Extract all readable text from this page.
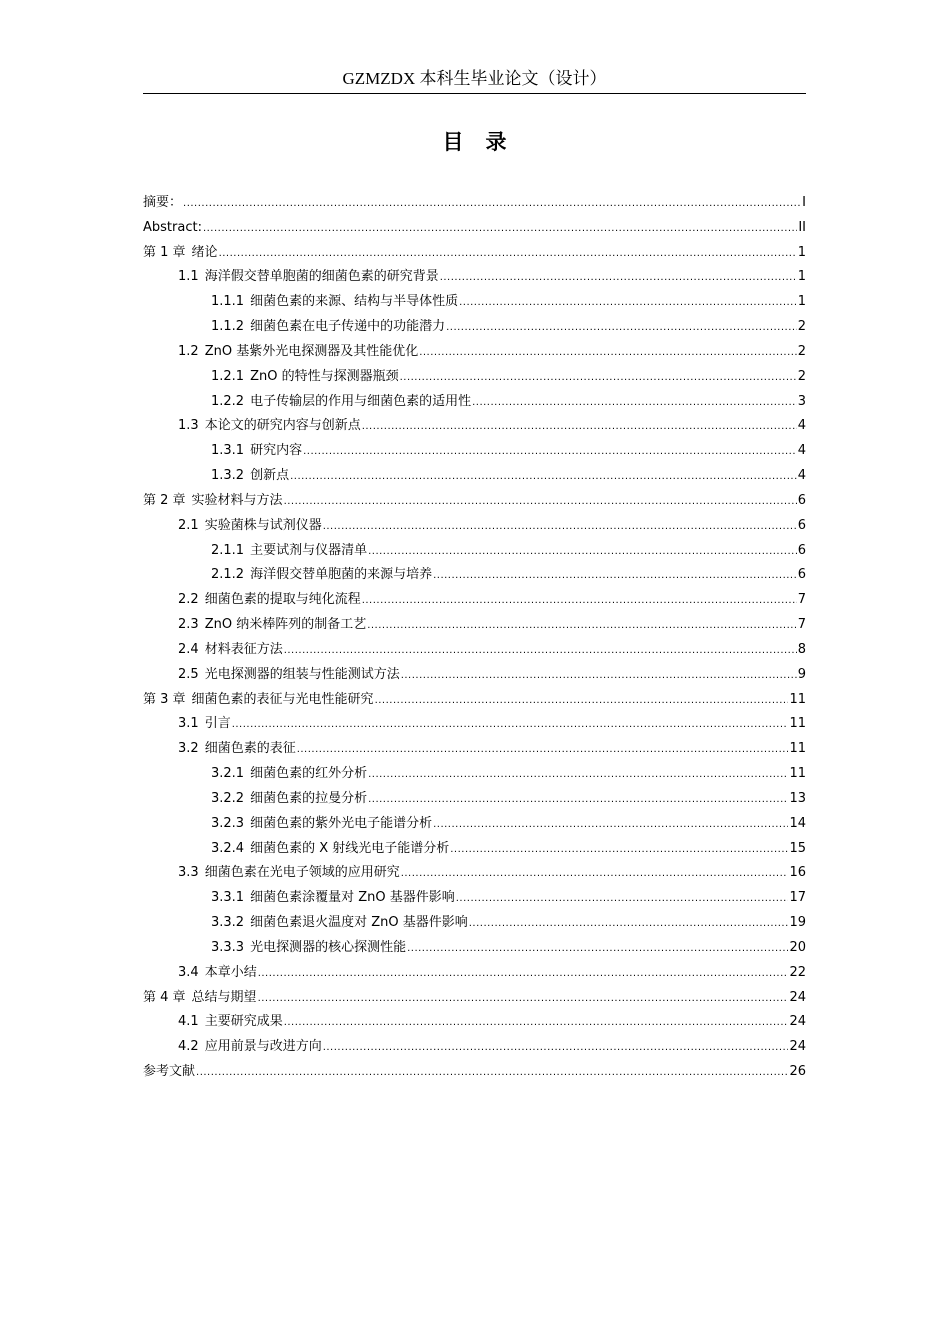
GZMZDX 本科生毕业论文（设计）
目录
摘要： .....	I
Abstract: .....	II
第 1 章 绪论 .....	1
1.1 海洋假交替单胞菌的细菌色素的研究背景 .....	1
1.1.1 细菌色素的来源、结构与半导体性质 .....	1
1.1.2 细菌色素在电子传递中的功能潜力 .....	2
1.2 ZnO 基紫外光电探测器及其性能优化 .....	2
1.2.1 ZnO 的特性与探测器瓶颈 .....	2
1.2.2 电子传输层的作用与细菌色素的适用性 .....	3
1.3 本论文的研究内容与创新点 .....	4
1.3.1 研究内容 .....	4
1.3.2 创新点 .....	4
第 2 章 实验材料与方法 .....	6
2.1 实验菌株与试剂仪器 .....	6
2.1.1 主要试剂与仪器清单 .....	6
2.1.2 海洋假交替单胞菌的来源与培养 .....	6
2.2 细菌色素的提取与纯化流程 .....	7
2.3 ZnO 纳米棒阵列的制备工艺 .....	7
2.4 材料表征方法 .....	8
2.5 光电探测器的组装与性能测试方法 .....	9
第 3 章 细菌色素的表征与光电性能研究 .....	11
3.1 引言 .....	11
3.2 细菌色素的表征 .....	11
3.2.1 细菌色素的红外分析 .....	11
3.2.2 细菌色素的拉曼分析 .....	13
3.2.3 细菌色素的紫外光电子能谱分析 .....	14
3.2.4 细菌色素的 X 射线光电子能谱分析 .....	15
3.3 细菌色素在光电子领域的应用研究 .....	16
3.3.1 细菌色素涂覆量对 ZnO 基器件影响 .....	17
3.3.2 细菌色素退火温度对 ZnO 基器件影响 .....	19
3.3.3 光电探测器的核心探测性能 .....	20
3.4 本章小结 .....	22
第 4 章 总结与期望 .....	24
4.1 主要研究成果 .....	24
4.2 应用前景与改进方向 .....	24
参考文献 .....	26
